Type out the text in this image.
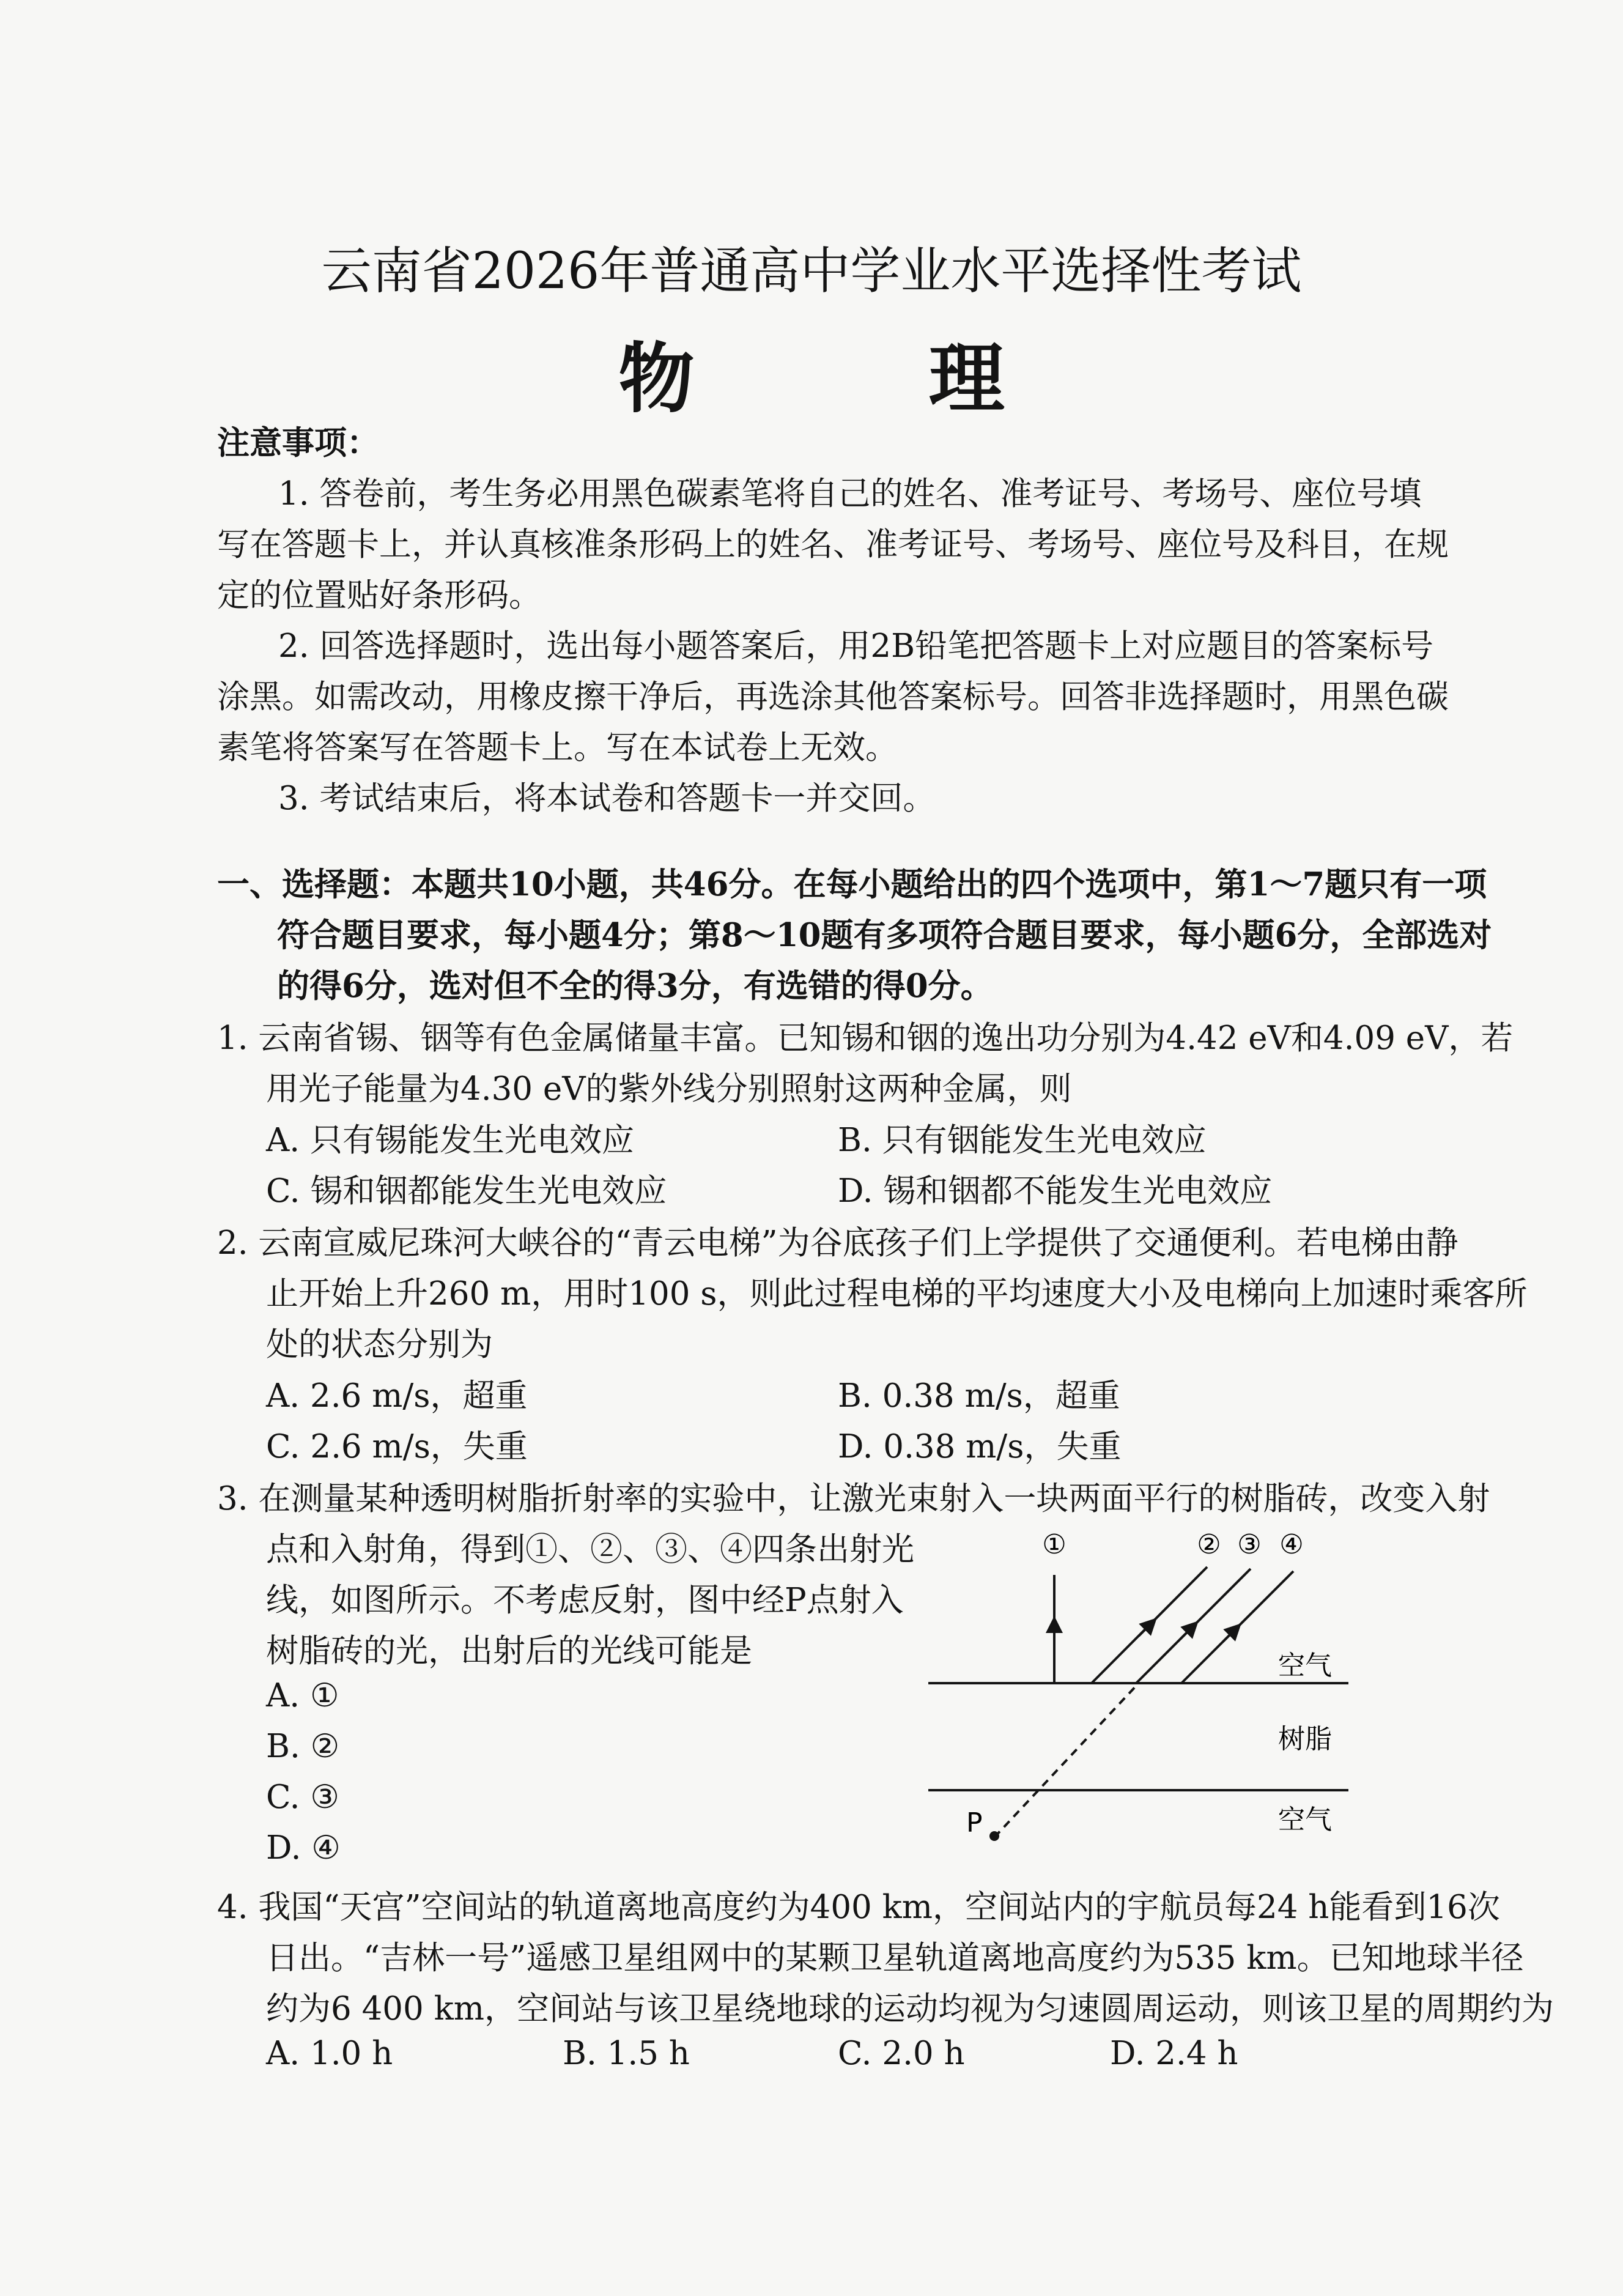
云南省2026年普通高中学业水平选择性考试
物 理
注意事项：
1. 答卷前，考生务必用黑色碳素笔将自己的姓名、准考证号、考场号、座位号填
写在答题卡上，并认真核准条形码上的姓名、准考证号、考场号、座位号及科目，在规
定的位置贴好条形码。
2. 回答选择题时，选出每小题答案后，用2B铅笔把答题卡上对应题目的答案标号
涂黑。如需改动，用橡皮擦干净后，再选涂其他答案标号。回答非选择题时，用黑色碳
素笔将答案写在答题卡上。写在本试卷上无效。
3. 考试结束后，将本试卷和答题卡一并交回。
一、选择题：本题共10小题，共46分。在每小题给出的四个选项中，第1～7题只有一项
符合题目要求，每小题4分；第8～10题有多项符合题目要求，每小题6分，全部选对
的得6分，选对但不全的得3分，有选错的得0分。
1. 云南省锡、铟等有色金属储量丰富。已知锡和铟的逸出功分别为4.42 eV和4.09 eV，若
用光子能量为4.30 eV的紫外线分别照射这两种金属，则
A. 只有锡能发生光电效应	B. 只有铟能发生光电效应
C. 锡和铟都能发生光电效应	D. 锡和铟都不能发生光电效应
2. 云南宣威尼珠河大峡谷的“青云电梯”为谷底孩子们上学提供了交通便利。若电梯由静
止开始上升260 m，用时100 s，则此过程电梯的平均速度大小及电梯向上加速时乘客所
处的状态分别为
A. 2.6 m/s，超重	B. 0.38 m/s，超重
C. 2.6 m/s，失重	D. 0.38 m/s，失重
3. 在测量某种透明树脂折射率的实验中，让激光束射入一块两面平行的树脂砖，改变入射
点和入射角，得到①、②、③、④四条出射光
线，如图所示。不考虑反射，图中经P点射入
树脂砖的光，出射后的光线可能是
A. ①
B. ②
C. ③
D. ④
①	② ③ ④
空气
树脂
空气
P
4. 我国“天宫”空间站的轨道离地高度约为400 km，空间站内的宇航员每24 h能看到16次
日出。“吉林一号”遥感卫星组网中的某颗卫星轨道离地高度约为535 km。已知地球半径
约为6 400 km，空间站与该卫星绕地球的运动均视为匀速圆周运动，则该卫星的周期约为
A. 1.0 h	B. 1.5 h	C. 2.0 h	D. 2.4 h
